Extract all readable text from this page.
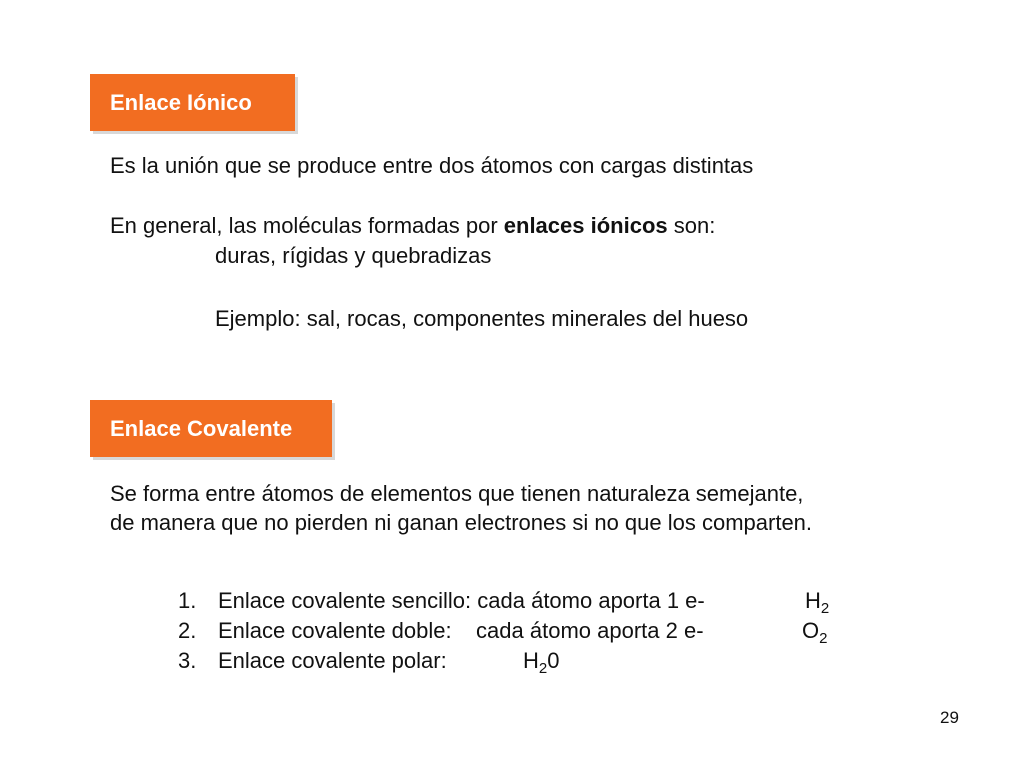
Enlace Iónico
Es la unión que se produce entre dos átomos con cargas distintas
En general, las moléculas formadas por enlaces iónicos son:
duras, rígidas y quebradizas
Ejemplo: sal, rocas, componentes minerales del hueso
Enlace Covalente
Se forma entre átomos de elementos que tienen naturaleza semejante,
de manera que no pierden ni ganan electrones si no que los comparten.
1. Enlace covalente sencillo: cada átomo aporta 1 e-	$H_2$
2. Enlace covalente doble:    cada átomo aporta 2 e-	$O_2$
3. Enlace covalente polar:	$H_20$
29
